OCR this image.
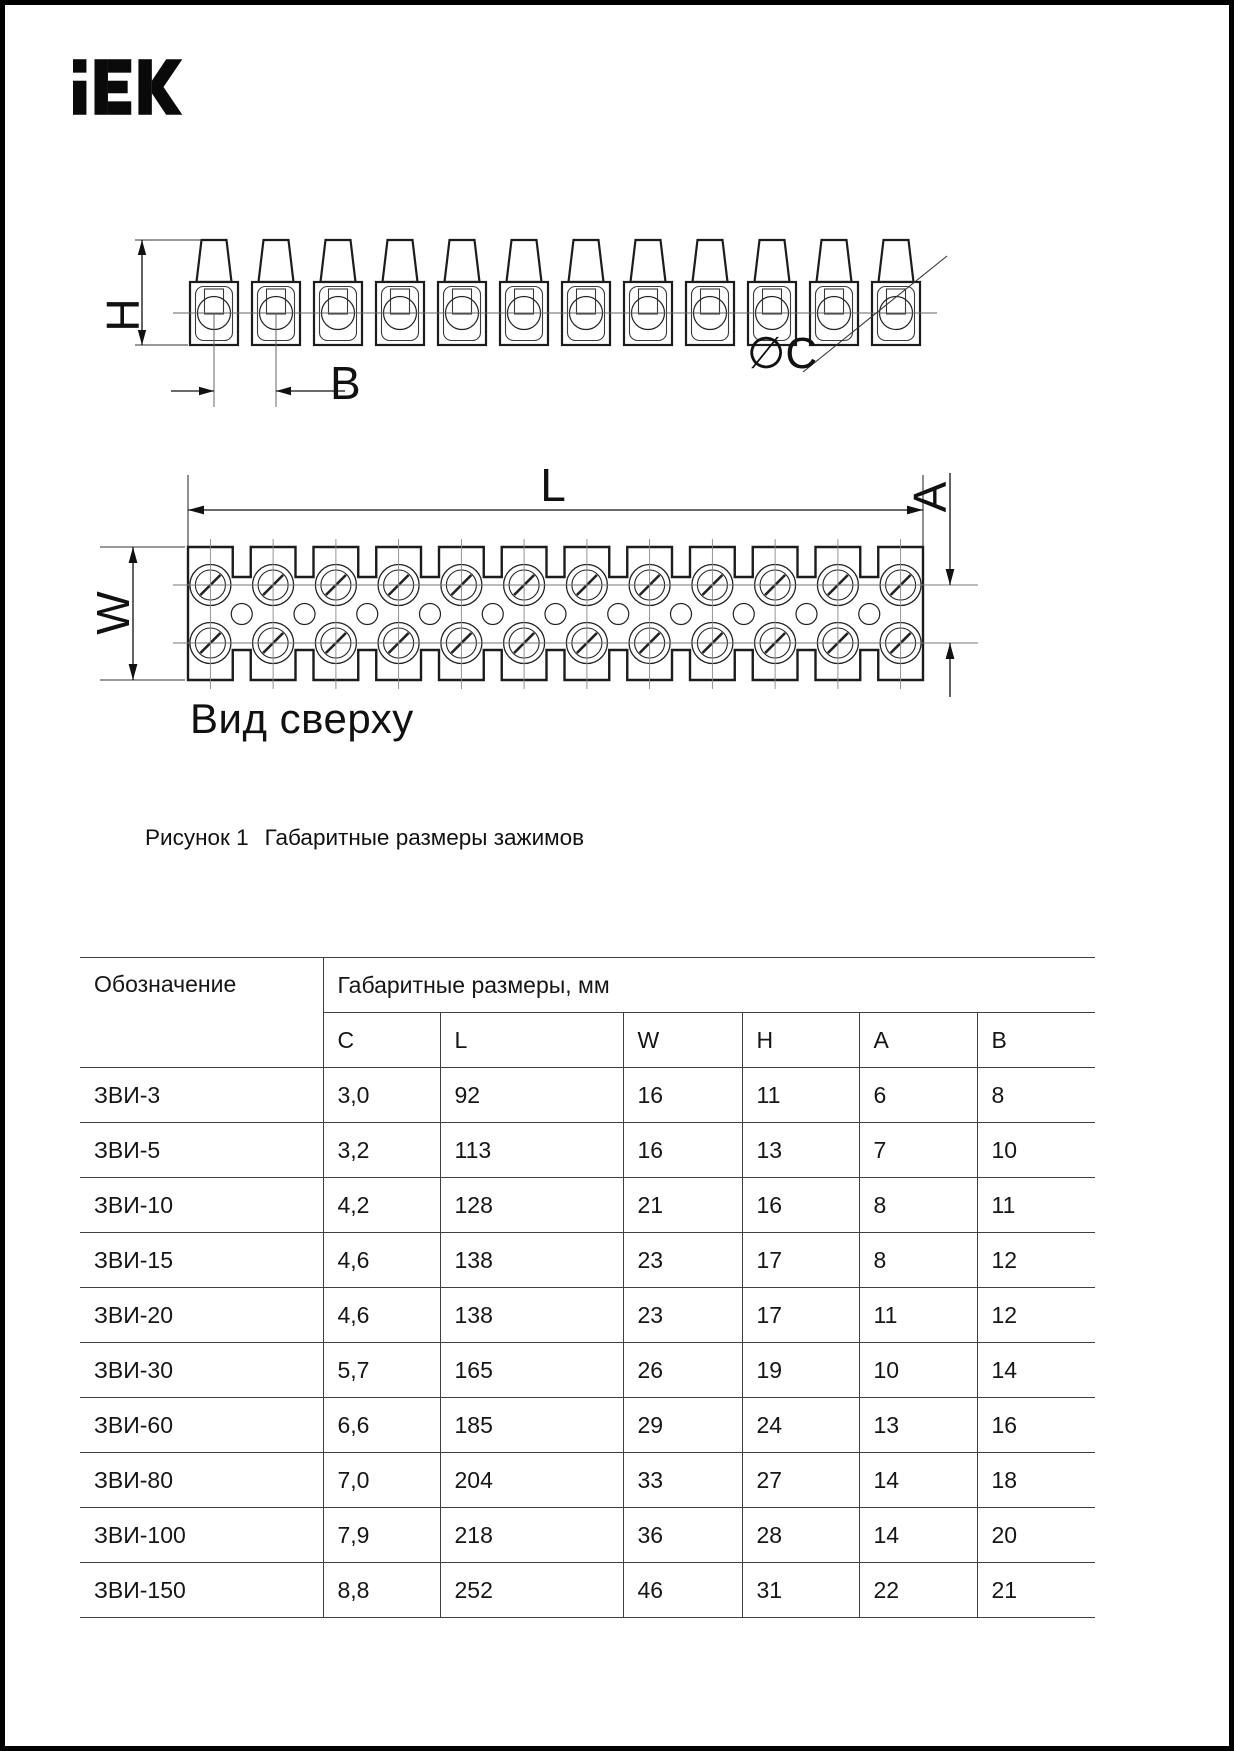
H
B
∅C
L
W
A
Вид сверху
Рисунок 1 Габаритные размеры зажимов
Обозначение	Габаритные размеры, мм					
	C	L	W	H	A	B
ЗВИ-3	3,0	92	16	11	6	8
ЗВИ-5	3,2	113	16	13	7	10
ЗВИ-10	4,2	128	21	16	8	11
ЗВИ-15	4,6	138	23	17	8	12
ЗВИ-20	4,6	138	23	17	11	12
ЗВИ-30	5,7	165	26	19	10	14
ЗВИ-60	6,6	185	29	24	13	16
ЗВИ-80	7,0	204	33	27	14	18
ЗВИ-100	7,9	218	36	28	14	20
ЗВИ-150	8,8	252	46	31	22	21
